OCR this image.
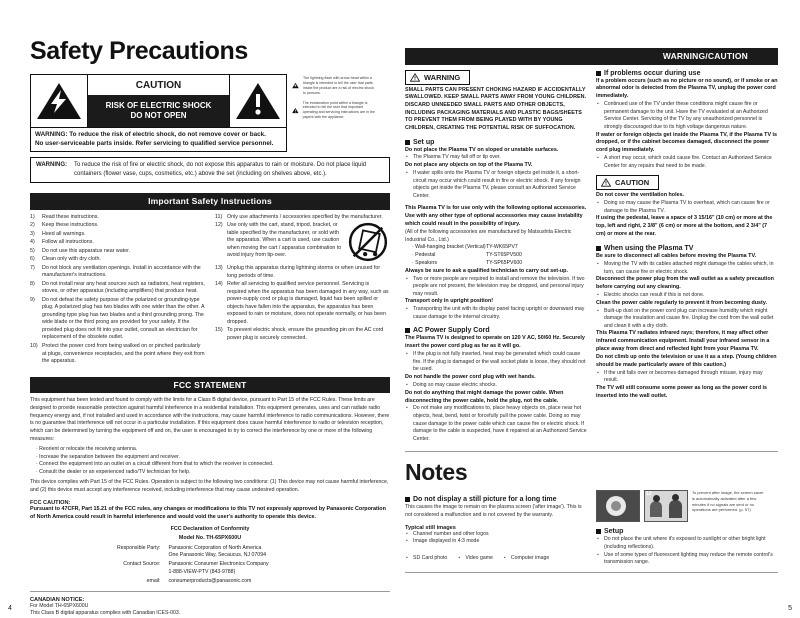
Safety Precautions
CAUTION
RISK OF ELECTRIC SHOCK
DO NOT OPEN
WARNING: To reduce the risk of electric shock, do not remove cover or back.
No user-serviceable parts inside. Refer servicing to qualified service personnel.
The lightning flash with arrow-head within a triangle is intended to tell the user that parts inside the product are a risk of electric shock to persons.
The exclamation point within a triangle is intended to tell the user that important operating and servicing instructions are in the papers with the appliance.
WARNING: To reduce the risk of fire or electric shock, do not expose this apparatus to rain or moisture. Do not place liquid containers (flower vase, cups, cosmetics, etc.) above the set (including on shelves above, etc.).
Important Safety Instructions
1)	Read these instructions.
2)	Keep these instructions.
3)	Heed all warnings.
4)	Follow all instructions.
5)	Do not use this apparatus near water.
6)	Clean only with dry cloth.
7)	Do not block any ventilation openings. Install in accordance with the manufacturer's instructions.
8)	Do not install near any heat sources such as radiators, heat registers, stoves, or other apparatus (including amplifiers) that produce heat.
9)	Do not defeat the safety purpose of the polarized or grounding-type plug. A polarized plug has two blades with one wider than the other. A grounding type plug has two blades and a third grounding prong. The wide blade or the third prong are provided for your safety. If the provided plug does not fit into your outlet, consult an electrician for replacement of the obsolete outlet.
10) Protect the power cord from being walked on or pinched particularly at plugs, convenience receptacles, and the point where they exit from the apparatus.
11) Only use attachments / accessories specified by the manufacturer.
12) Use only with the cart, stand, tripod, bracket, or table specified by the manufacturer, or sold with the apparatus. When a cart is used, use caution when moving the cart / apparatus combination to avoid injury from tip-over.
13) Unplug this apparatus during lightning storms or when unused for long periods of time.
14) Refer all servicing to qualified service personnel. Servicing is required when the apparatus has been damaged in any way, such as power-supply cord or plug is damaged, liquid has been spilled or objects have fallen into the apparatus, the apparatus has been exposed to rain or moisture, does not operate normally, or has been dropped.
15) To prevent electric shock, ensure the grounding pin on the AC cord power plug is securely connected.
FCC STATEMENT
This equipment has been tested and found to comply with the limits for a Class B digital device, pursuant to Part 15 of the FCC Rules. These limits are designed to provide reasonable protection against harmful interference in a residential installation. This equipment generates, uses and can radiate radio frequency energy and, if not installed and used in accordance with the instructions, may cause harmful interference to radio communications. However, there is no guarantee that interference will not occur in a particular installation. If this equipment does cause harmful interference to radio or television reception, which can be determined by turning the equipment off and on, the user is encouraged to try to correct the interference by one or more of the following measures:
· Reorient or relocate the receiving antenna.
· Increase the separation between the equipment and receiver.
· Connect the equipment into an outlet on a circuit different from that to which the receiver is connected.
· Consult the dealer or an experienced radio/TV technician for help.
This device complies with Part 15 of the FCC Rules. Operation is subject to the following two conditions: (1) This device may not cause harmful interference, and (2) this device must accept any interference received, including interference that may cause undesired operation.
FCC CAUTION:
Pursuant to 47CFR, Part 15.21 of the FCC rules, any changes or modifications to this TV not expressly approved by Panasonic Corporation of North America could result in harmful interference and would void the user's authority to operate this device.
FCC Declaration of Conformity
Model No. TH-65PX600U
Responsible Party:	Panasonic Corporation of North America
One Panasonic Way, Secaucus, NJ 07094
Contact Source:	Panasonic Consumer Electronics Company
1-888-VIEW-PTV (843-9788)
email:	consumerproducts@panasonic.com
CANADIAN NOTICE:
For Model TH-65PX600U
This Class B digital apparatus complies with Canadian ICES-003.
4
WARNING/CAUTION
WARNING
SMALL PARTS CAN PRESENT CHOKING HAZARD IF ACCIDENTALLY SWALLOWED. KEEP SMALL PARTS AWAY FROM YOUNG CHILDREN. DISCARD UNNEEDED SMALL PARTS AND OTHER OBJECTS, INCLUDING PACKAGING MATERIALS AND PLASTIC BAGS/SHEETS TO PREVENT THEM FROM BEING PLAYED WITH BY YOUNG CHILDREN, CREATING THE POTENTIAL RISK OF SUFFOCATION.
Set up
Do not place the Plasma TV on sloped or unstable surfaces.
▪	The Plasma TV may fall off or tip over.
Do not place any objects on top of the Plasma TV.
▪	If water spills onto the Plasma TV or foreign objects get inside it, a short-circuit may occur which could result in fire or electric shock. If any foreign objects get inside the Plasma TV, please consult an Authorized Service Center.
This Plasma TV is for use only with the following optional accessories. Use with any other type of optional accessories may cause instability which could result in the possibility of injury.
(All of the following accessories are manufactured by Matsushita Electric Industrial Co., Ltd.)
· Wall-hanging bracket (Vertical) TY-WK65PV7
· Pedestal	TY-ST65PV500
· Speakers	TY-SP65PV600
Always be sure to ask a qualified technician to carry out set-up.
▪	Two or more people are required to install and remove the television. If two people are not present, the television may be dropped, and personal injury may result.
Transport only in upright position!
▪	Transporting the unit with its display panel facing upright or downward may cause damage to the internal circuitry.
AC Power Supply Cord
The Plasma TV is designed to operate on 120 V AC, 50/60 Hz. Securely insert the power cord plug as far as it will go.
▪	If the plug is not fully inserted, heat may be generated which could cause fire. If the plug is damaged or the wall socket plate is loose, they should not be used.
Do not handle the power cord plug with wet hands.
▪	Doing so may cause electric shocks.
Do not do anything that might damage the power cable. When disconnecting the power cable, hold the plug, not the cable.
▪	Do not make any modifications to, place heavy objects on, place near hot objects, heat, bend, twist or forcefully pull the power cable. Doing so may cause damage to the power cable which can cause fire or electric shock. If damage to the cable is suspected, have it repaired at an Authorized Service Center.
If problems occur during use
If a problem occurs (such as no picture or no sound), or if smoke or an abnormal odor is detected from the Plasma TV, unplug the power cord immediately.
▪	Continued use of the TV under these conditions might cause fire or permanent damage to the unit. Have the TV evaluated at an Authorized Service Center. Servicing of the TV by any unauthorized personnel is strongly discouraged due to its high voltage dangerous nature.
If water or foreign objects get inside the Plasma TV, if the Plasma TV is dropped, or if the cabinet becomes damaged, disconnect the power cord plug immediately.
▪	A short may occur, which could cause fire. Contact an Authorized Service Center for any repairs that need to be made.
CAUTION
Do not cover the ventilation holes.
▪	Doing so may cause the Plasma TV to overheat, which can cause fire or damage to the Plasma TV.
If using the pedestal, leave a space of 3 15/16" (10 cm) or more at the top, left and right, 2 3/8" (6 cm) or more at the bottom, and 2 3/4" (7 cm) or more at the rear.
When using the Plasma TV
Be sure to disconnect all cables before moving the Plasma TV.
▪	Moving the TV with its cables attached might damage the cables which, in turn, can cause fire or electric shock.
Disconnect the power plug from the wall outlet as a safety precaution before carrying out any cleaning.
▪	Electric shocks can result if this is not done.
Clean the power cable regularly to prevent it from becoming dusty.
▪	Built-up dust on the power cord plug can increase humidity which might damage the insulation and cause fire. Unplug the cord from the wall outlet and clean it with a dry cloth.
This Plasma TV radiates infrared rays; therefore, it may affect other infrared communication equipment. Install your infrared sensor in a place away from direct and reflected light from your Plasma TV.
Do not climb up onto the television or use it as a step. (Young children should be made particularly aware of this caution.)
▪	If the unit falls over or becomes damaged through misuse, injury may result.
The TV will still consume some power as long as the power cord is inserted into the wall outlet.
Notes
Do not display a still picture for a long time
This causes the image to remain on the plasma screen ('after image'). This is not considered a malfunction and is not covered by the warranty.
Typical still images
▪	Channel number and other logos
▪	Image displayed in 4:3 mode
▪	SD Card photo ▪	Video game ▪	Computer image
12	To prevent after image, the screen saver is automatically activated after a few minutes if no signals are sent or no operations are performed. (p. 57)
Setup
▪	Do not place the unit where it's exposed to sunlight or other bright light (including reflections).
▪	Use of some types of fluorescent lighting may reduce the remote control's transmission range.
5
